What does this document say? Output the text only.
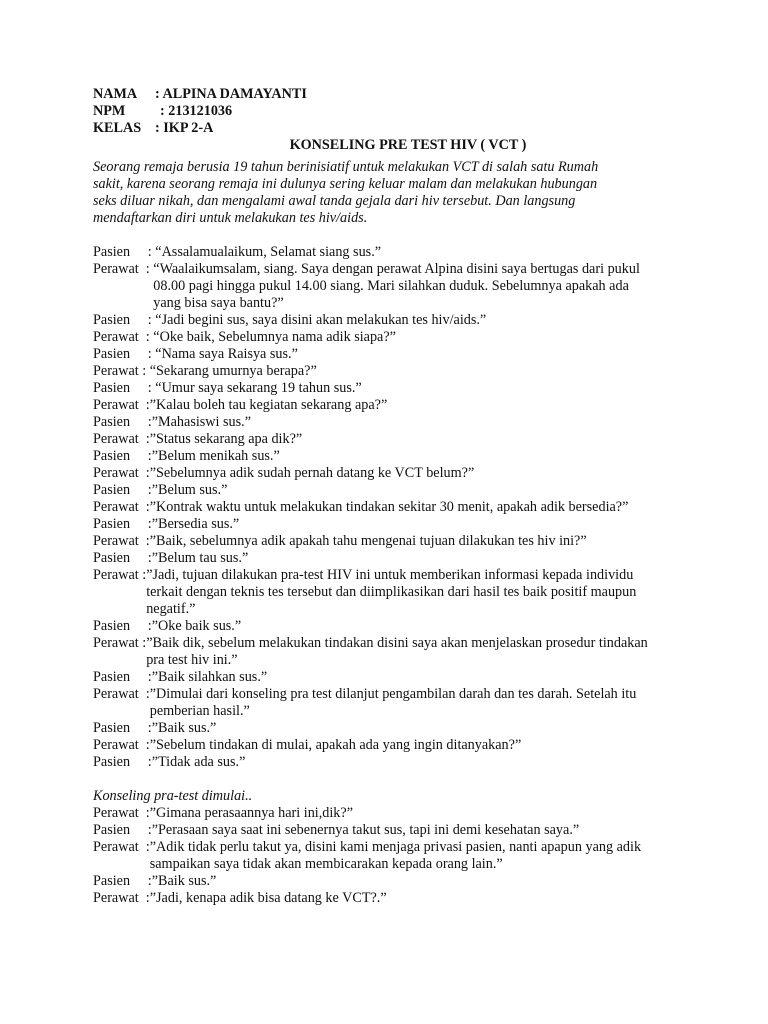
NAMA	: ALPINA DAMAYANTI
NPM	: 213121036
KELAS : IKP 2-A
KONSELING PRE TEST HIV ( VCT )
Seorang remaja berusia 19 tahun berinisiatif untuk melakukan VCT di salah satu Rumah sakit, karena seorang remaja ini dulunya sering keluar malam dan melakukan hubungan seks diluar nikah, dan mengalami awal tanda gejala dari hiv tersebut. Dan langsung mendaftarkan diri untuk melakukan tes hiv/aids.
Pasien     : “Assalamualaikum, Selamat siang sus.”
Perawat  : “Waalaikumsalam, siang. Saya dengan perawat Alpina disini saya bertugas dari pukul 08.00 pagi hingga pukul 14.00 siang. Mari silahkan duduk. Sebelumnya apakah ada yang bisa saya bantu?”
Pasien     : “Jadi begini sus, saya disini akan melakukan tes hiv/aids.”
Perawat  : “Oke baik, Sebelumnya nama adik siapa?”
Pasien     : “Nama saya Raisya sus.”
Perawat : “Sekarang umurnya berapa?”
Pasien     : “Umur saya sekarang 19 tahun sus.”
Perawat  : ”Kalau boleh tau kegiatan sekarang apa?”
Pasien     : ”Mahasiswi sus.”
Perawat  : ”Status sekarang apa dik?”
Pasien     : ”Belum menikah sus.”
Perawat  : ”Sebelumnya adik sudah pernah datang ke VCT belum?”
Pasien     : ”Belum sus.”
Perawat  : ”Kontrak waktu untuk melakukan tindakan sekitar 30 menit, apakah adik bersedia?”
Pasien     : ”Bersedia sus.”
Perawat  : ”Baik, sebelumnya adik apakah tahu mengenai tujuan dilakukan tes hiv ini?”
Pasien     : ”Belum tau sus.”
Perawat : ”Jadi, tujuan dilakukan pra-test HIV ini untuk memberikan informasi kepada individu terkait dengan teknis tes tersebut dan diimplikasikan dari hasil tes baik positif maupun negatif.”
Pasien     : ”Oke baik sus.”
Perawat : ”Baik dik, sebelum melakukan tindakan disini saya akan menjelaskan prosedur tindakan pra test hiv ini.”
Pasien     : ”Baik silahkan sus.”
Perawat  : ”Dimulai dari konseling pra test dilanjut pengambilan darah dan tes darah. Setelah itu pemberian hasil.”
Pasien     : ”Baik sus.”
Perawat  : ”Sebelum tindakan di mulai, apakah ada yang ingin ditanyakan?”
Pasien     : ”Tidak ada sus.”
Konseling pra-test dimulai..
Perawat  : ”Gimana perasaannya hari ini,dik?”
Pasien     : ”Perasaan saya saat ini sebenernya takut sus, tapi ini demi kesehatan saya.”
Perawat  : ”Adik tidak perlu takut ya, disini kami menjaga privasi pasien, nanti apapun yang adik sampaikan saya tidak akan membicarakan kepada orang lain.”
Pasien     : ”Baik sus.”
Perawat  : ”Jadi, kenapa adik bisa datang ke VCT?.”
